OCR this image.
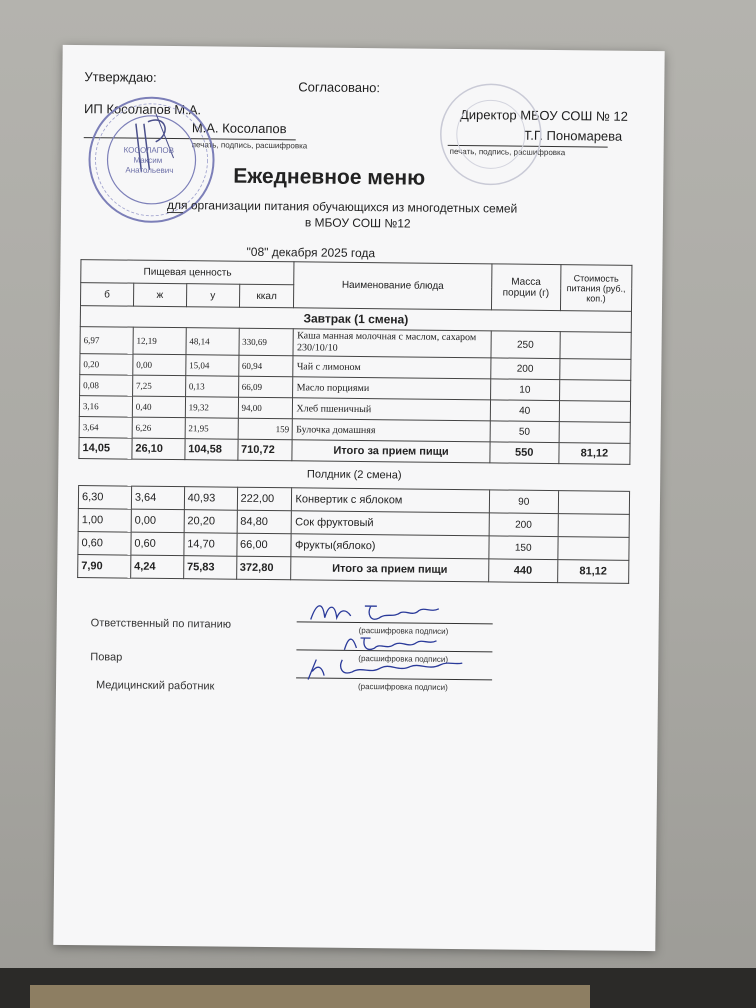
Утверждаю:
Согласовано:
ИП Косолапов М.А.
М.А. Косолапов
печать, подпись, расшифровка
Директор МБОУ СОШ № 12
Т.Г. Пономарева
печать, подпись, расшифровка
КОСОЛАПОВ
Максим
Анатольевич	Ежедневное меню
для организации питания обучающихся из многодетных семей
в МБОУ СОШ №12
"08" декабря 2025 года
Пищевая ценность				Наименование блюда	Масса порции (г)	Стоимость питания (руб., коп.)
б	ж	у	ккал			
Завтрак (1 смена)						
6,97	12,19	48,14	330,69	Каша манная молочная с маслом, сахаром 230/10/10	250	
0,20	0,00	15,04	60,94	Чай с лимоном	200	
0,08	7,25	0,13	66,09	Масло порциями	10	
3,16	0,40	19,32	94,00	Хлеб пшеничный	40	
3,64	6,26	21,95	159	Булочка домашняя	50	
14,05	26,10	104,58	710,72	Итого за прием пищи	550	81,12
Полдник (2 смена)						
6,30	3,64	40,93	222,00	Конвертик с яблоком	90	
1,00	0,00	20,20	84,80	Сок фруктовый	200	
0,60	0,60	14,70	66,00	Фрукты(яблоко)	150	
7,90	4,24	75,83	372,80	Итого за прием пищи	440	81,12
Ответственный по питанию
(расшифровка подписи)
Повар	(расшифровка подписи)
Медицинский работник	(расшифровка подписи)
